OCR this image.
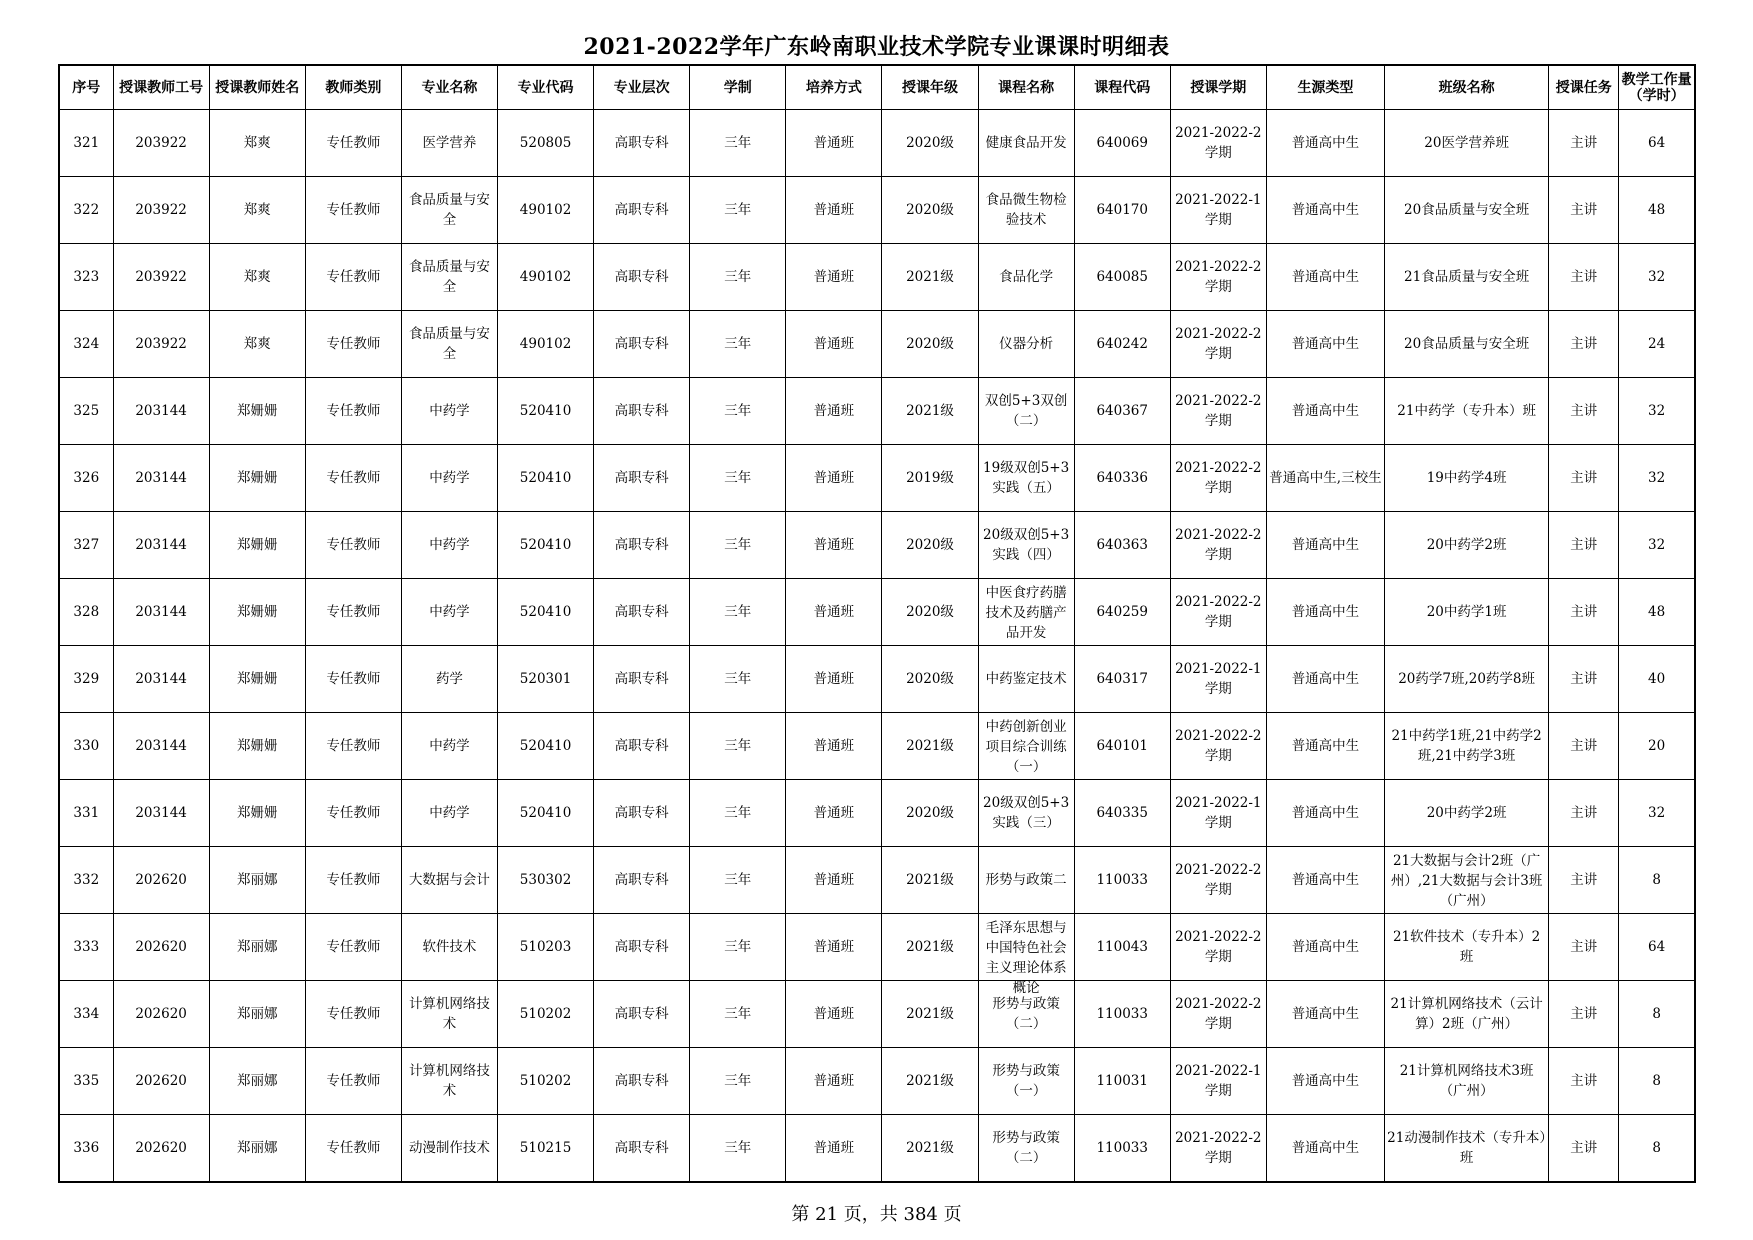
2021-2022学年广东岭南职业技术学院专业课课时明细表
序号	授课教师工号	授课教师姓名	教师类别	专业名称	专业代码	专业层次	学制	培养方式	授课年级	课程名称	课程代码	授课学期	生源类型	班级名称	授课任务	教学工作量（学时）

321	203922	郑爽	专任教师	医学营养	520805	高职专科	三年	普通班	2020级	健康食品开发	640069	2021-2022-2学期	普通高中生	20医学营养班	主讲	64

322	203922	郑爽	专任教师	食品质量与安全	490102	高职专科	三年	普通班	2020级	食品微生物检验技术	640170	2021-2022-1学期	普通高中生	20食品质量与安全班	主讲	48

323	203922	郑爽	专任教师	食品质量与安全	490102	高职专科	三年	普通班	2021级	食品化学	640085	2021-2022-2学期	普通高中生	21食品质量与安全班	主讲	32

324	203922	郑爽	专任教师	食品质量与安全	490102	高职专科	三年	普通班	2020级	仪器分析	640242	2021-2022-2学期	普通高中生	20食品质量与安全班	主讲	24

325	203144	郑姗姗	专任教师	中药学	520410	高职专科	三年	普通班	2021级	双创5+3双创（二）	640367	2021-2022-2学期	普通高中生	21中药学（专升本）班	主讲	32

326	203144	郑姗姗	专任教师	中药学	520410	高职专科	三年	普通班	2019级	19级双创5+3实践（五）	640336	2021-2022-2学期	普通高中生,三校生	19中药学4班	主讲	32

327	203144	郑姗姗	专任教师	中药学	520410	高职专科	三年	普通班	2020级	20级双创5+3实践（四）	640363	2021-2022-2学期	普通高中生	20中药学2班	主讲	32

328	203144	郑姗姗	专任教师	中药学	520410	高职专科	三年	普通班	2020级	中医食疗药膳技术及药膳产品开发	640259	2021-2022-2学期	普通高中生	20中药学1班	主讲	48

329	203144	郑姗姗	专任教师	药学	520301	高职专科	三年	普通班	2020级	中药鉴定技术	640317	2021-2022-1学期	普通高中生	20药学7班,20药学8班	主讲	40

330	203144	郑姗姗	专任教师	中药学	520410	高职专科	三年	普通班	2021级	中药创新创业项目综合训练（一）	640101	2021-2022-2学期	普通高中生	21中药学1班,21中药学2班,21中药学3班	主讲	20

331	203144	郑姗姗	专任教师	中药学	520410	高职专科	三年	普通班	2020级	20级双创5+3实践（三）	640335	2021-2022-1学期	普通高中生	20中药学2班	主讲	32

332	202620	郑丽娜	专任教师	大数据与会计	530302	高职专科	三年	普通班	2021级	形势与政策二	110033	2021-2022-2学期	普通高中生	21大数据与会计2班（广州）,21大数据与会计3班（广州）	主讲	8

333	202620	郑丽娜	专任教师	软件技术	510203	高职专科	三年	普通班	2021级	毛泽东思想与中国特色社会主义理论体系概论	110043	2021-2022-2学期	普通高中生	21软件技术（专升本）2班	主讲	64

334	202620	郑丽娜	专任教师	计算机网络技术	510202	高职专科	三年	普通班	2021级	形势与政策（二）	110033	2021-2022-2学期	普通高中生	21计算机网络技术（云计算）2班（广州）	主讲	8

335	202620	郑丽娜	专任教师	计算机网络技术	510202	高职专科	三年	普通班	2021级	形势与政策（一）	110031	2021-2022-1学期	普通高中生	21计算机网络技术3班（广州）	主讲	8

336	202620	郑丽娜	专任教师	动漫制作技术	510215	高职专科	三年	普通班	2021级	形势与政策（二）	110033	2021-2022-2学期	普通高中生	21动漫制作技术（专升本）班	主讲	8
第 21 页，共 384 页
